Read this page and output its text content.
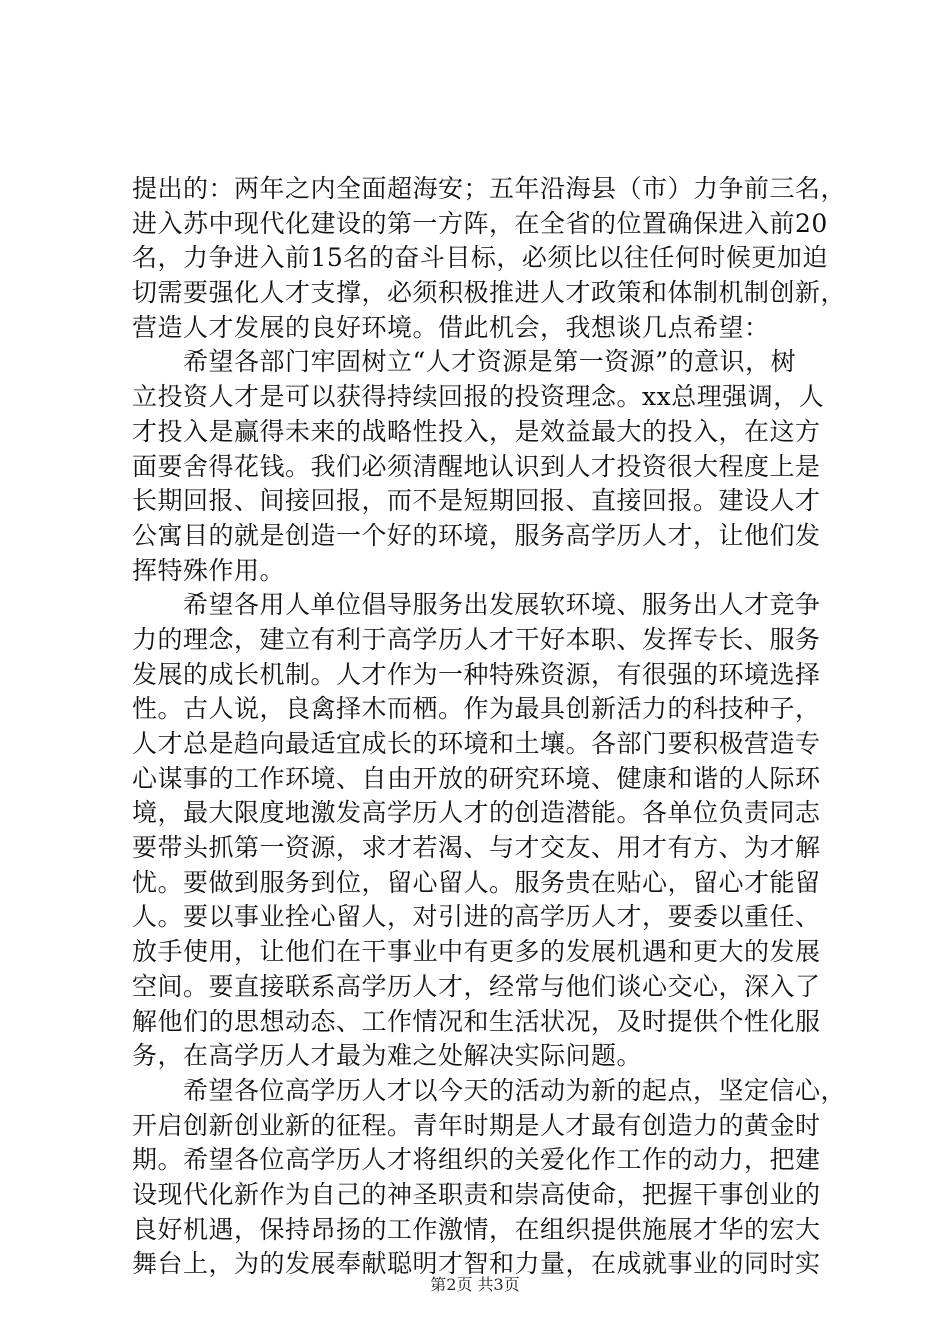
提出的：两年之内全面超海安；五年沿海县（市）力争前三名，
进入苏中现代化建设的第一方阵，在全省的位置确保进入前20
名，力争进入前15名的奋斗目标，必须比以往任何时候更加迫
切需要强化人才支撑，必须积极推进人才政策和体制机制创新，
营造人才发展的良好环境。借此机会，我想谈几点希望：
　　希望各部门牢固树立“人才资源是第一资源”的意识，树
立投资人才是可以获得持续回报的投资理念。xx总理强调，人
才投入是赢得未来的战略性投入，是效益最大的投入，在这方
面要舍得花钱。我们必须清醒地认识到人才投资很大程度上是
长期回报、间接回报，而不是短期回报、直接回报。建设人才
公寓目的就是创造一个好的环境，服务高学历人才，让他们发
挥特殊作用。
　　希望各用人单位倡导服务出发展软环境、服务出人才竞争
力的理念，建立有利于高学历人才干好本职、发挥专长、服务
发展的成长机制。人才作为一种特殊资源，有很强的环境选择
性。古人说，良禽择木而栖。作为最具创新活力的科技种子，
人才总是趋向最适宜成长的环境和土壤。各部门要积极营造专
心谋事的工作环境、自由开放的研究环境、健康和谐的人际环
境，最大限度地激发高学历人才的创造潜能。各单位负责同志
要带头抓第一资源，求才若渴、与才交友、用才有方、为才解
忧。要做到服务到位，留心留人。服务贵在贴心，留心才能留
人。要以事业拴心留人，对引进的高学历人才，要委以重任、
放手使用，让他们在干事业中有更多的发展机遇和更大的发展
空间。要直接联系高学历人才，经常与他们谈心交心，深入了
解他们的思想动态、工作情况和生活状况，及时提供个性化服
务，在高学历人才最为难之处解决实际问题。
　　希望各位高学历人才以今天的活动为新的起点，坚定信心，
开启创新创业新的征程。青年时期是人才最有创造力的黄金时
期。希望各位高学历人才将组织的关爱化作工作的动力，把建
设现代化新作为自己的神圣职责和崇高使命，把握干事创业的
良好机遇，保持昂扬的工作激情，在组织提供施展才华的宏大
舞台上，为的发展奉献聪明才智和力量，在成就事业的同时实
第2页 共3页
